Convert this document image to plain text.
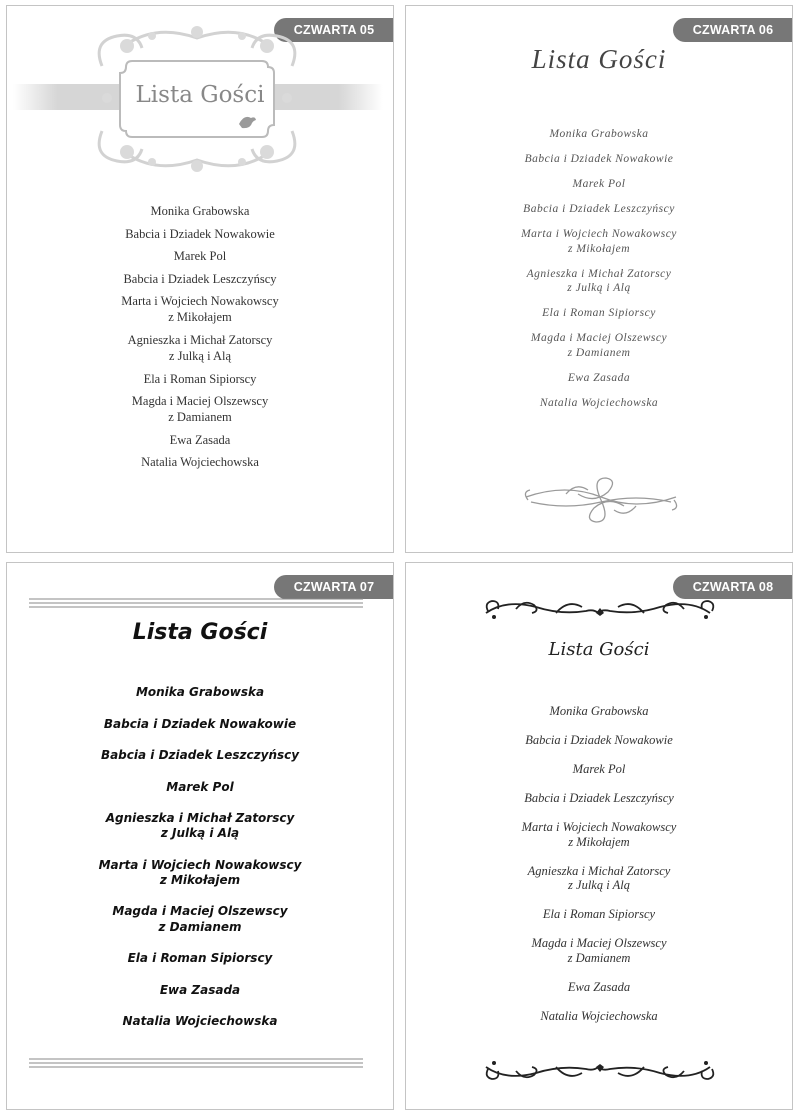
CZWARTA 05
Lista Gości
Monika Grabowska
Babcia i Dziadek Nowakowie
Marek Pol
Babcia i Dziadek Leszczyńscy
Marta i Wojciech Nowakowscy
z Mikołajem
Agnieszka i Michał Zatorscy
z Julką i Alą
Ela i Roman Sipiorscy
Magda i Maciej Olszewscy
z Damianem
Ewa Zasada
Natalia Wojciechowska
CZWARTA 06
Lista Gości
Monika Grabowska
Babcia i Dziadek Nowakowie
Marek Pol
Babcia i Dziadek Leszczyńscy
Marta i Wojciech Nowakowscy
z Mikołajem
Agnieszka i Michał Zatorscy
z Julką i Alą
Ela i Roman Sipiorscy
Magda i Maciej Olszewscy
z Damianem
Ewa Zasada
Natalia Wojciechowska
CZWARTA 07
Lista Gości
Monika Grabowska
Babcia i Dziadek Nowakowie
Babcia i Dziadek Leszczyńscy
Marek Pol
Agnieszka i Michał Zatorscy
z Julką i Alą
Marta i Wojciech Nowakowscy
z Mikołajem
Magda i Maciej Olszewscy
z Damianem
Ela i Roman Sipiorscy
Ewa Zasada
Natalia Wojciechowska
CZWARTA 08
Lista Gości
Monika Grabowska
Babcia i Dziadek Nowakowie
Marek Pol
Babcia i Dziadek Leszczyńscy
Marta i Wojciech Nowakowscy
z Mikołajem
Agnieszka i Michał Zatorscy
z Julką i Alą
Ela i Roman Sipiorscy
Magda i Maciej Olszewscy
z Damianem
Ewa Zasada
Natalia Wojciechowska
